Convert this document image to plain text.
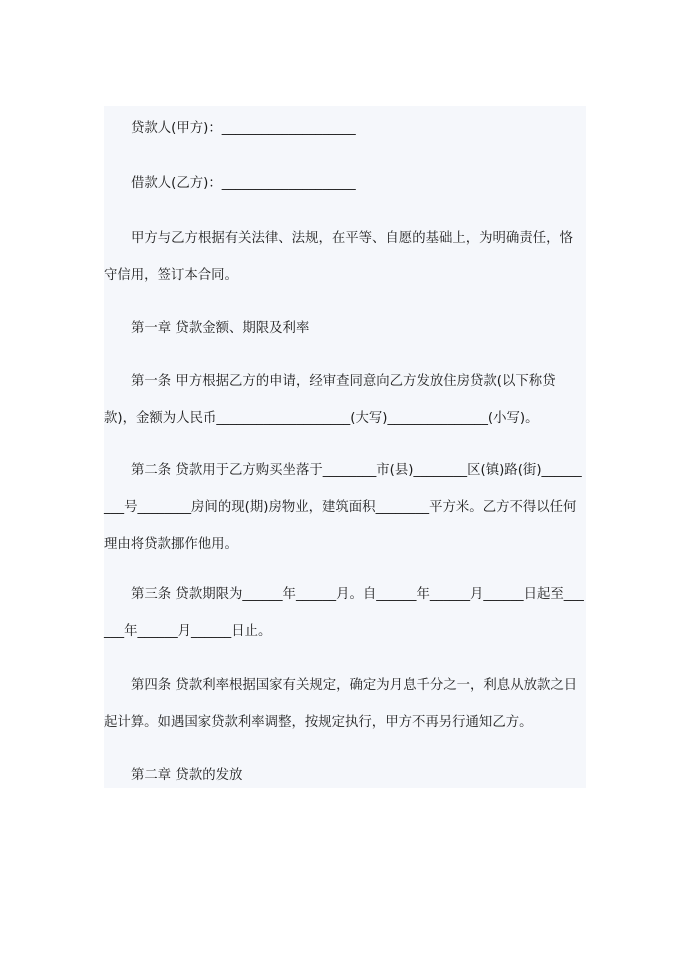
贷款人(甲方)：____________________

借款人(乙方)：____________________

甲方与乙方根据有关法律、法规，在平等、自愿的基础上，为明确责任，恪守信用，签订本合同。

第一章 贷款金额、期限及利率

第一条 甲方根据乙方的申请，经审查同意向乙方发放住房贷款(以下称贷款)，金额为人民币____________________(大写)_______________(小写)。

第二条 贷款用于乙方购买坐落于________市(县)________区(镇)路(街)_________号________房间的现(期)房物业，建筑面积________平方米。乙方不得以任何理由将贷款挪作他用。

第三条 贷款期限为______年______月。自______年______月______日起至______年______月______日止。

第四条 贷款利率根据国家有关规定，确定为月息千分之一，利息从放款之日起计算。如遇国家贷款利率调整，按规定执行，甲方不再另行通知乙方。

第二章 贷款的发放
